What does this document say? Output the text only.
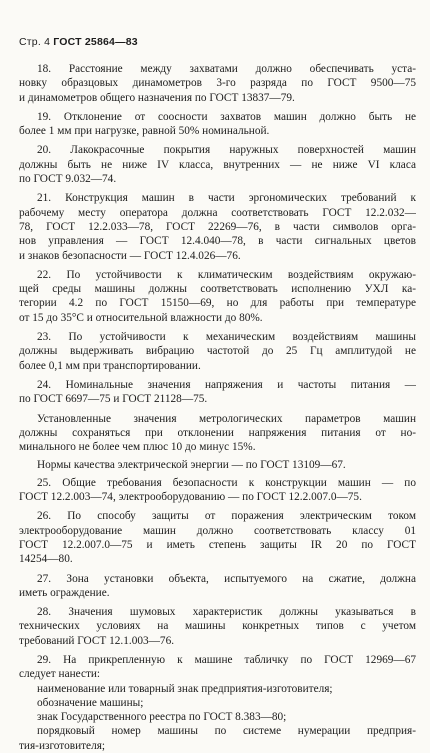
Стр. 4 ГОСТ 25864—83
18. Расстояние между захватами должно обеспечивать уста-
новку образцовых динамометров 3-го разряда по ГОСТ 9500—75
и динамометров общего назначения по ГОСТ 13837—79.
19. Отклонение от соосности захватов машин должно быть не
более 1 мм при нагрузке, равной 50% номинальной.
20. Лакокрасочные покрытия наружных поверхностей машин
должны быть не ниже IV класса, внутренних — не ниже VI класа
по ГОСТ 9.032—74.
21. Конструкция машин в части эргономических требований к
рабочему месту оператора должна соответствовать ГОСТ 12.2.032—
78, ГОСТ 12.2.033—78, ГОСТ 22269—76, в части символов орга-
нов управления — ГОСТ 12.4.040—78, в части сигнальных цветов
и знаков безопасности — ГОСТ 12.4.026—76.
22. По устойчивости к климатическим воздействиям окружаю-
щей среды машины должны соответствовать исполнению УХЛ ка-
тегории 4.2 по ГОСТ 15150—69, но для работы при температуре
от 15 до 35°С и относительной влажности до 80%.
23. По устойчивости к механическим воздействиям машины
должны выдерживать вибрацию частотой до 25 Гц амплитудой не
более 0,1 мм при транспортировании.
24. Номинальные значения напряжения и частоты питания —
по ГОСТ 6697—75 и ГОСТ 21128—75.
Установленные значения метрологических параметров машин
должны сохраняться при отклонении напряжения питания от но-
минального не более чем плюс 10 до минус 15%.
Нормы качества электрической энергии — по ГОСТ 13109—67.
25. Общие требования безопасности к конструкции машин — по
ГОСТ 12.2.003—74, электрооборудованию — по ГОСТ 12.2.007.0—75.
26. По способу защиты от поражения электрическим током
электрооборудование машин должно соответствовать классу 01
ГОСТ 12.2.007.0—75 и иметь степень защиты IR 20 по ГОСТ
14254—80.
27. Зона установки объекта, испытуемого на сжатие, должна
иметь ограждение.
28. Значения шумовых характеристик должны указываться в
технических условиях на машины конкретных типов с учетом
требований ГОСТ 12.1.003—76.
29. На прикрепленную к машине табличку по ГОСТ 12969—67
следует нанести:
наименование или товарный знак предприятия-изготовителя;
обозначение машины;
знак Государственного реестра по ГОСТ 8.383—80;
порядковый номер машины по системе нумерации предприя-
тия-изготовителя;
